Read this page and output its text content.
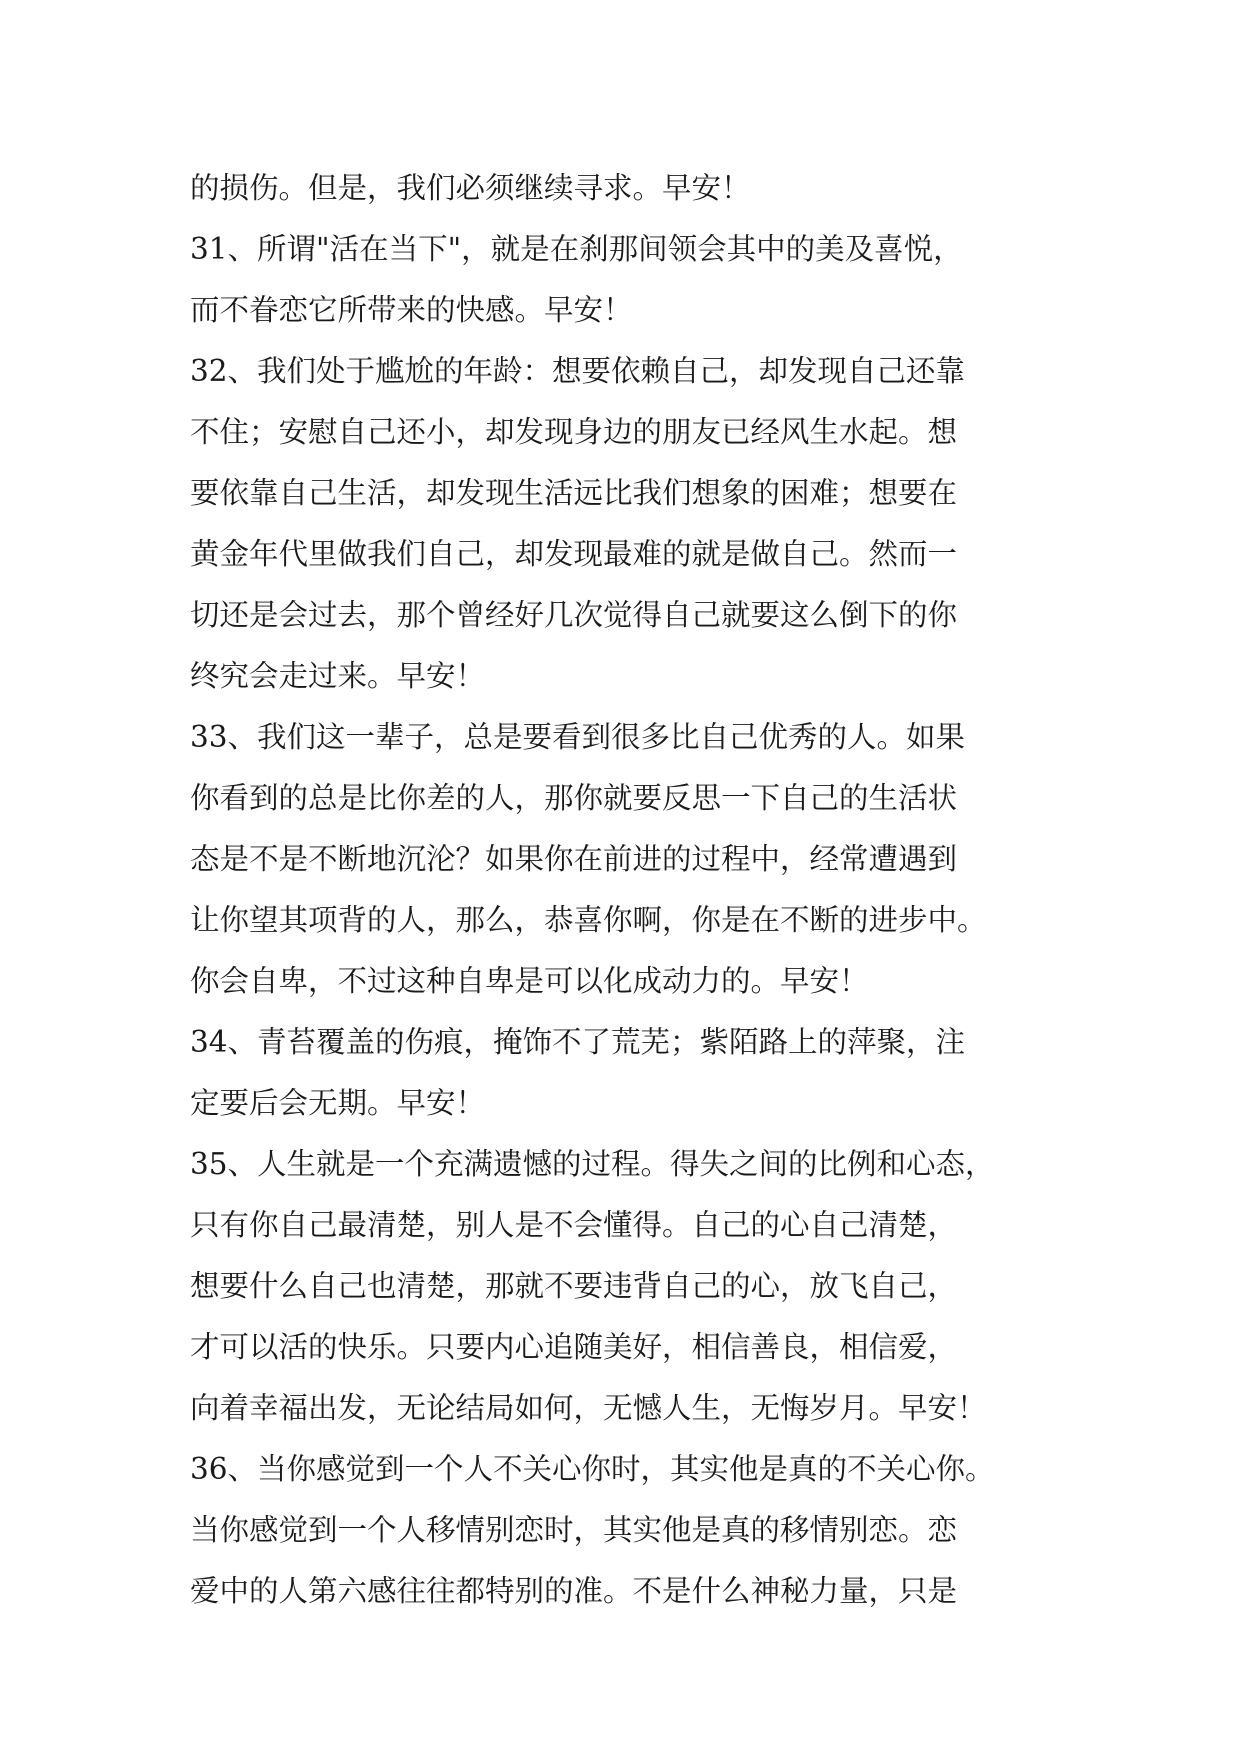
的损伤。但是，我们必须继续寻求。早安！
31、所谓"活在当下"，就是在刹那间领会其中的美及喜悦，
而不眷恋它所带来的快感。早安！
32、我们处于尴尬的年龄：想要依赖自己，却发现自己还靠
不住；安慰自己还小，却发现身边的朋友已经风生水起。想
要依靠自己生活，却发现生活远比我们想象的困难；想要在
黄金年代里做我们自己，却发现最难的就是做自己。然而一
切还是会过去，那个曾经好几次觉得自己就要这么倒下的你
终究会走过来。早安！
33、我们这一辈子，总是要看到很多比自己优秀的人。如果
你看到的总是比你差的人，那你就要反思一下自己的生活状
态是不是不断地沉沦？如果你在前进的过程中，经常遭遇到
让你望其项背的人，那么，恭喜你啊，你是在不断的进步中。
你会自卑，不过这种自卑是可以化成动力的。早安！
34、青苔覆盖的伤痕，掩饰不了荒芜；紫陌路上的萍聚，注
定要后会无期。早安！
35、人生就是一个充满遗憾的过程。得失之间的比例和心态，
只有你自己最清楚，别人是不会懂得。自己的心自己清楚，
想要什么自己也清楚，那就不要违背自己的心，放飞自己，
才可以活的快乐。只要内心追随美好，相信善良，相信爱，
向着幸福出发，无论结局如何，无憾人生，无悔岁月。早安！
36、当你感觉到一个人不关心你时，其实他是真的不关心你。
当你感觉到一个人移情别恋时，其实他是真的移情别恋。恋
爱中的人第六感往往都特别的准。不是什么神秘力量，只是
